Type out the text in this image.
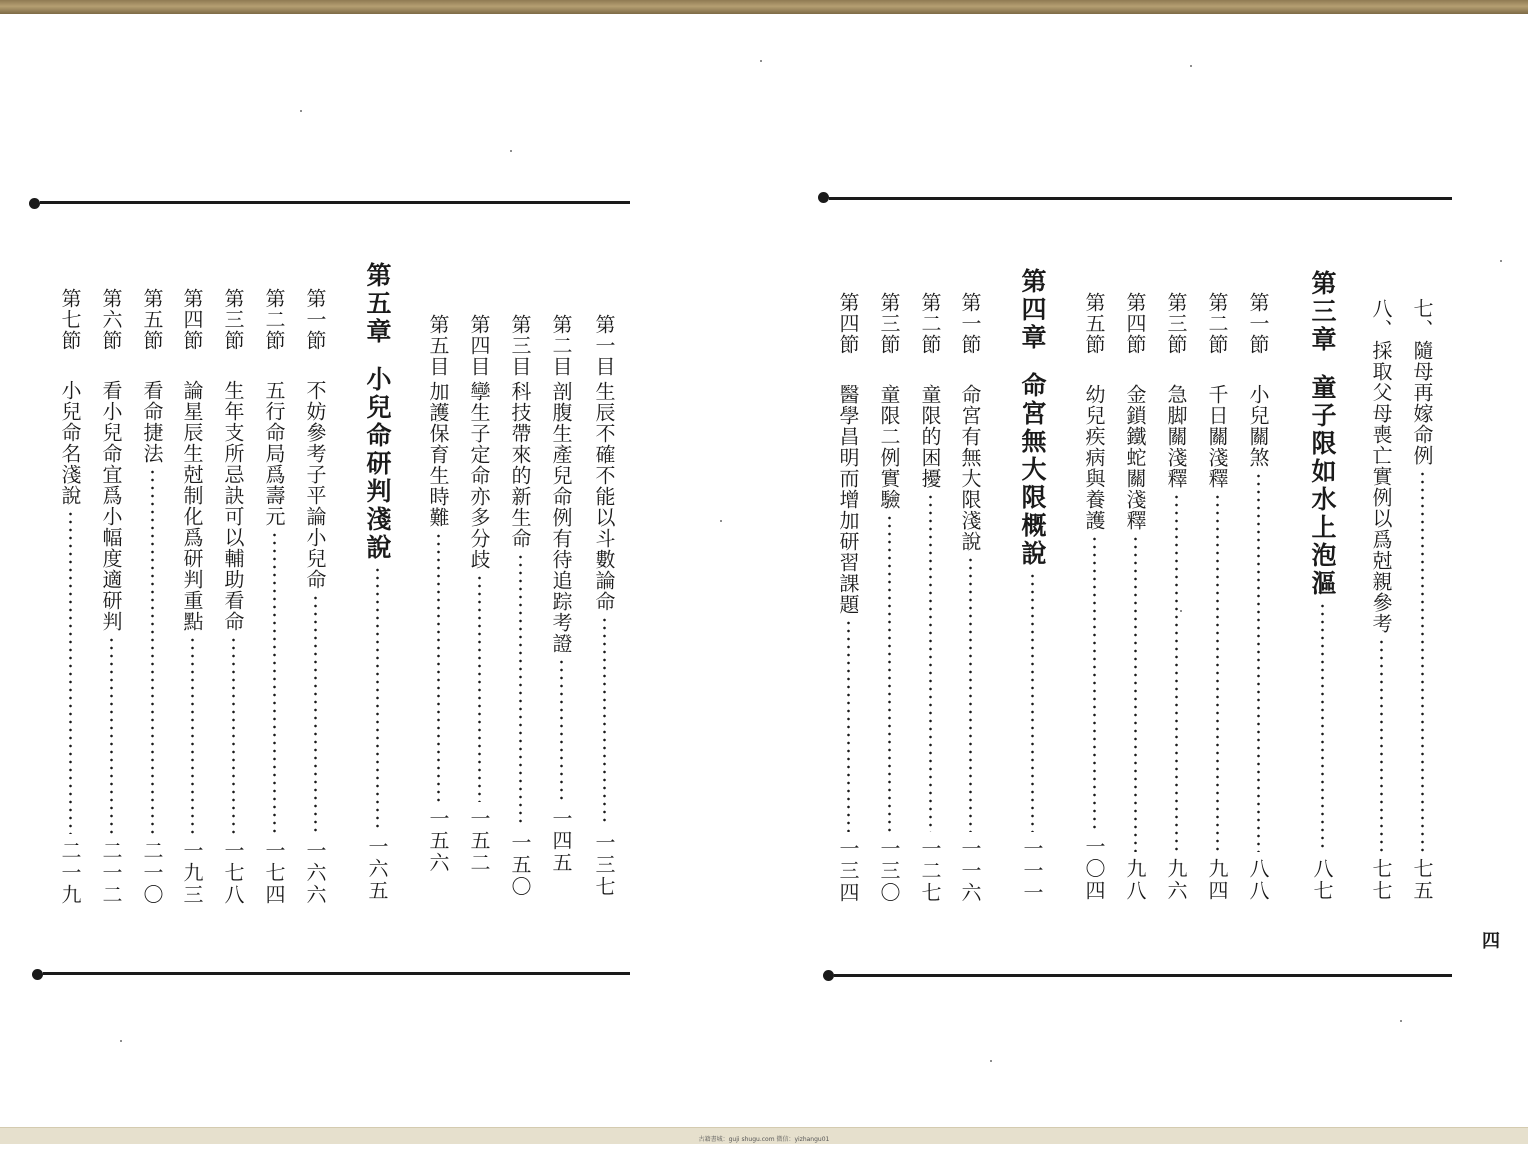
第七節
小兒命名淺說
二一九
第六節
看小兒命宜爲小幅度適研判
二一二
第五節
看命捷法
二一〇
第四節
論星辰生尅制化爲研判重點
一九三
第三節
生年支所忌訣可以輔助看命
一七八
第二節
五行命局爲壽元
一七四
第一節
不妨參考子平論小兒命
一六六
第五章
小兒命研判淺說
一六五
第五目
加護保育生時難
一五六
第四目
孿生子定命亦多分歧
一五二
第三目
科技帶來的新生命
一五〇
第二目
剖腹生產兒命例有待追踪考證
一四五
第一目
生辰不確不能以斗數論命
一三七
第四節
醫學昌明而增加研習課題
一三四
第三節
童限二例實驗
一三〇
第二節
童限的困擾
一二七
第一節
命宮有無大限淺說
一一六
第四章
命宮無大限概說
一一一
第五節
幼兒疾病與養護
一〇四
第四節
金鎖鐵蛇關淺釋
九八
第三節
急脚關淺釋
九六
第二節
千日關淺釋
九四
第一節
小兒關煞
八八
第三章
童子限如水上泡漚
八七
八、
採取父母喪亡實例以爲尅親參考
七七
七、
隨母再嫁命例
七五
四
古籍書城：guji shugu.com 微信：yizhangu01
